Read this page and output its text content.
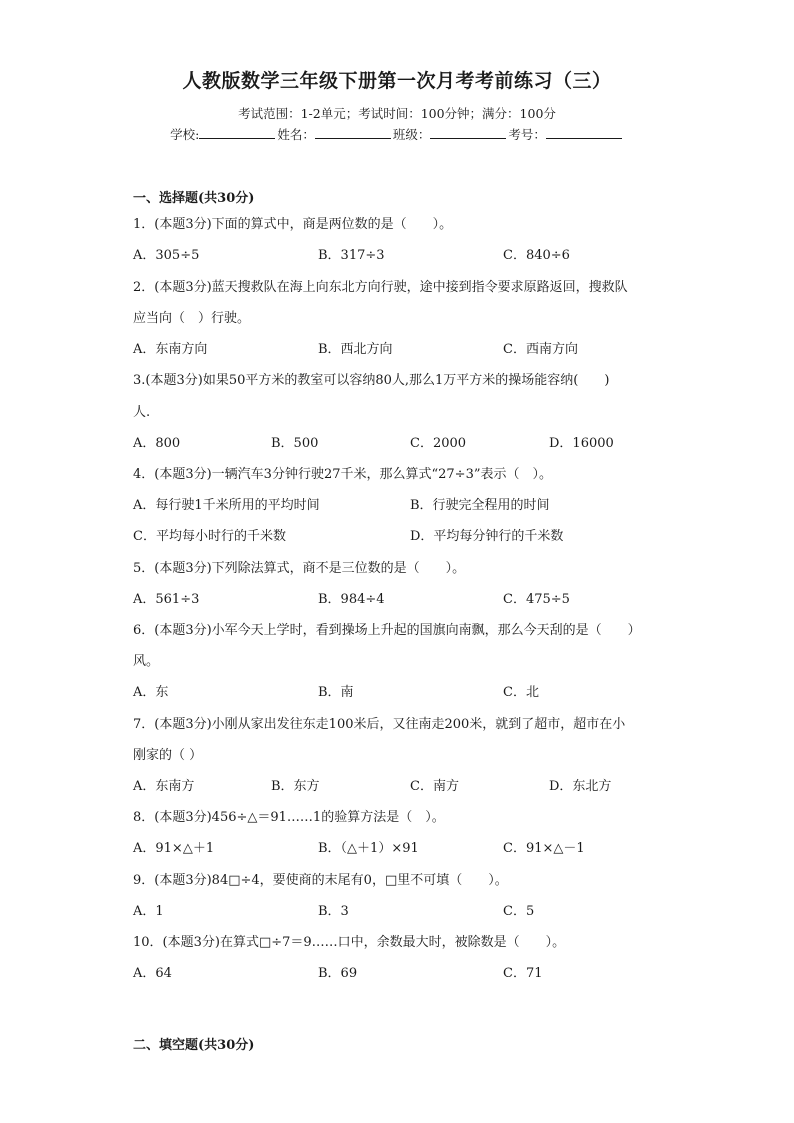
人教版数学三年级下册第一次月考考前练习（三）
考试范围：1-2单元；考试时间：100分钟；满分：100分
学校:	姓名：	班级：	考号：
一、选择题(共30分)
1．(本题3分)下面的算式中，商是两位数的是（　　）。
A．305÷5	B．317÷3	C．840÷6
2．(本题3分)蓝天搜救队在海上向东北方向行驶，途中接到指令要求原路返回，搜救队
应当向（　）行驶。
A．东南方向	B．西北方向	C．西南方向
3.(本题3分)如果50平方米的教室可以容纳80人,那么1万平方米的操场能容纳(　　)
人.
A．800	B．500	C．2000	D．16000
4．(本题3分)一辆汽车3分钟行驶27千米，那么算式“27÷3”表示（　）。
A．每行驶1千米所用的平均时间	B．行驶完全程用的时间
C．平均每小时行的千米数	D．平均每分钟行的千米数
5．(本题3分)下列除法算式，商不是三位数的是（　　）。
A．561÷3	B．984÷4	C．475÷5
6．(本题3分)小军今天上学时，看到操场上升起的国旗向南飘，那么今天刮的是（　　）
风。
A．东	B．南	C．北
7．(本题3分)小刚从家出发往东走100米后，又往南走200米，就到了超市，超市在小
刚家的（ ）
A．东南方	B．东方	C．南方	D．东北方
8．(本题3分)456÷△＝91……1的验算方法是（　）。
A．91×△＋1	B．（△＋1）×91	C．91×△－1
9．(本题3分)84□÷4，要使商的末尾有0，□里不可填（　　）。
A．1	B．3	C．5
10．(本题3分)在算式□÷7＝9……口中，余数最大时，被除数是（　　）。
A．64	B．69	C．71
二、填空题(共30分)
